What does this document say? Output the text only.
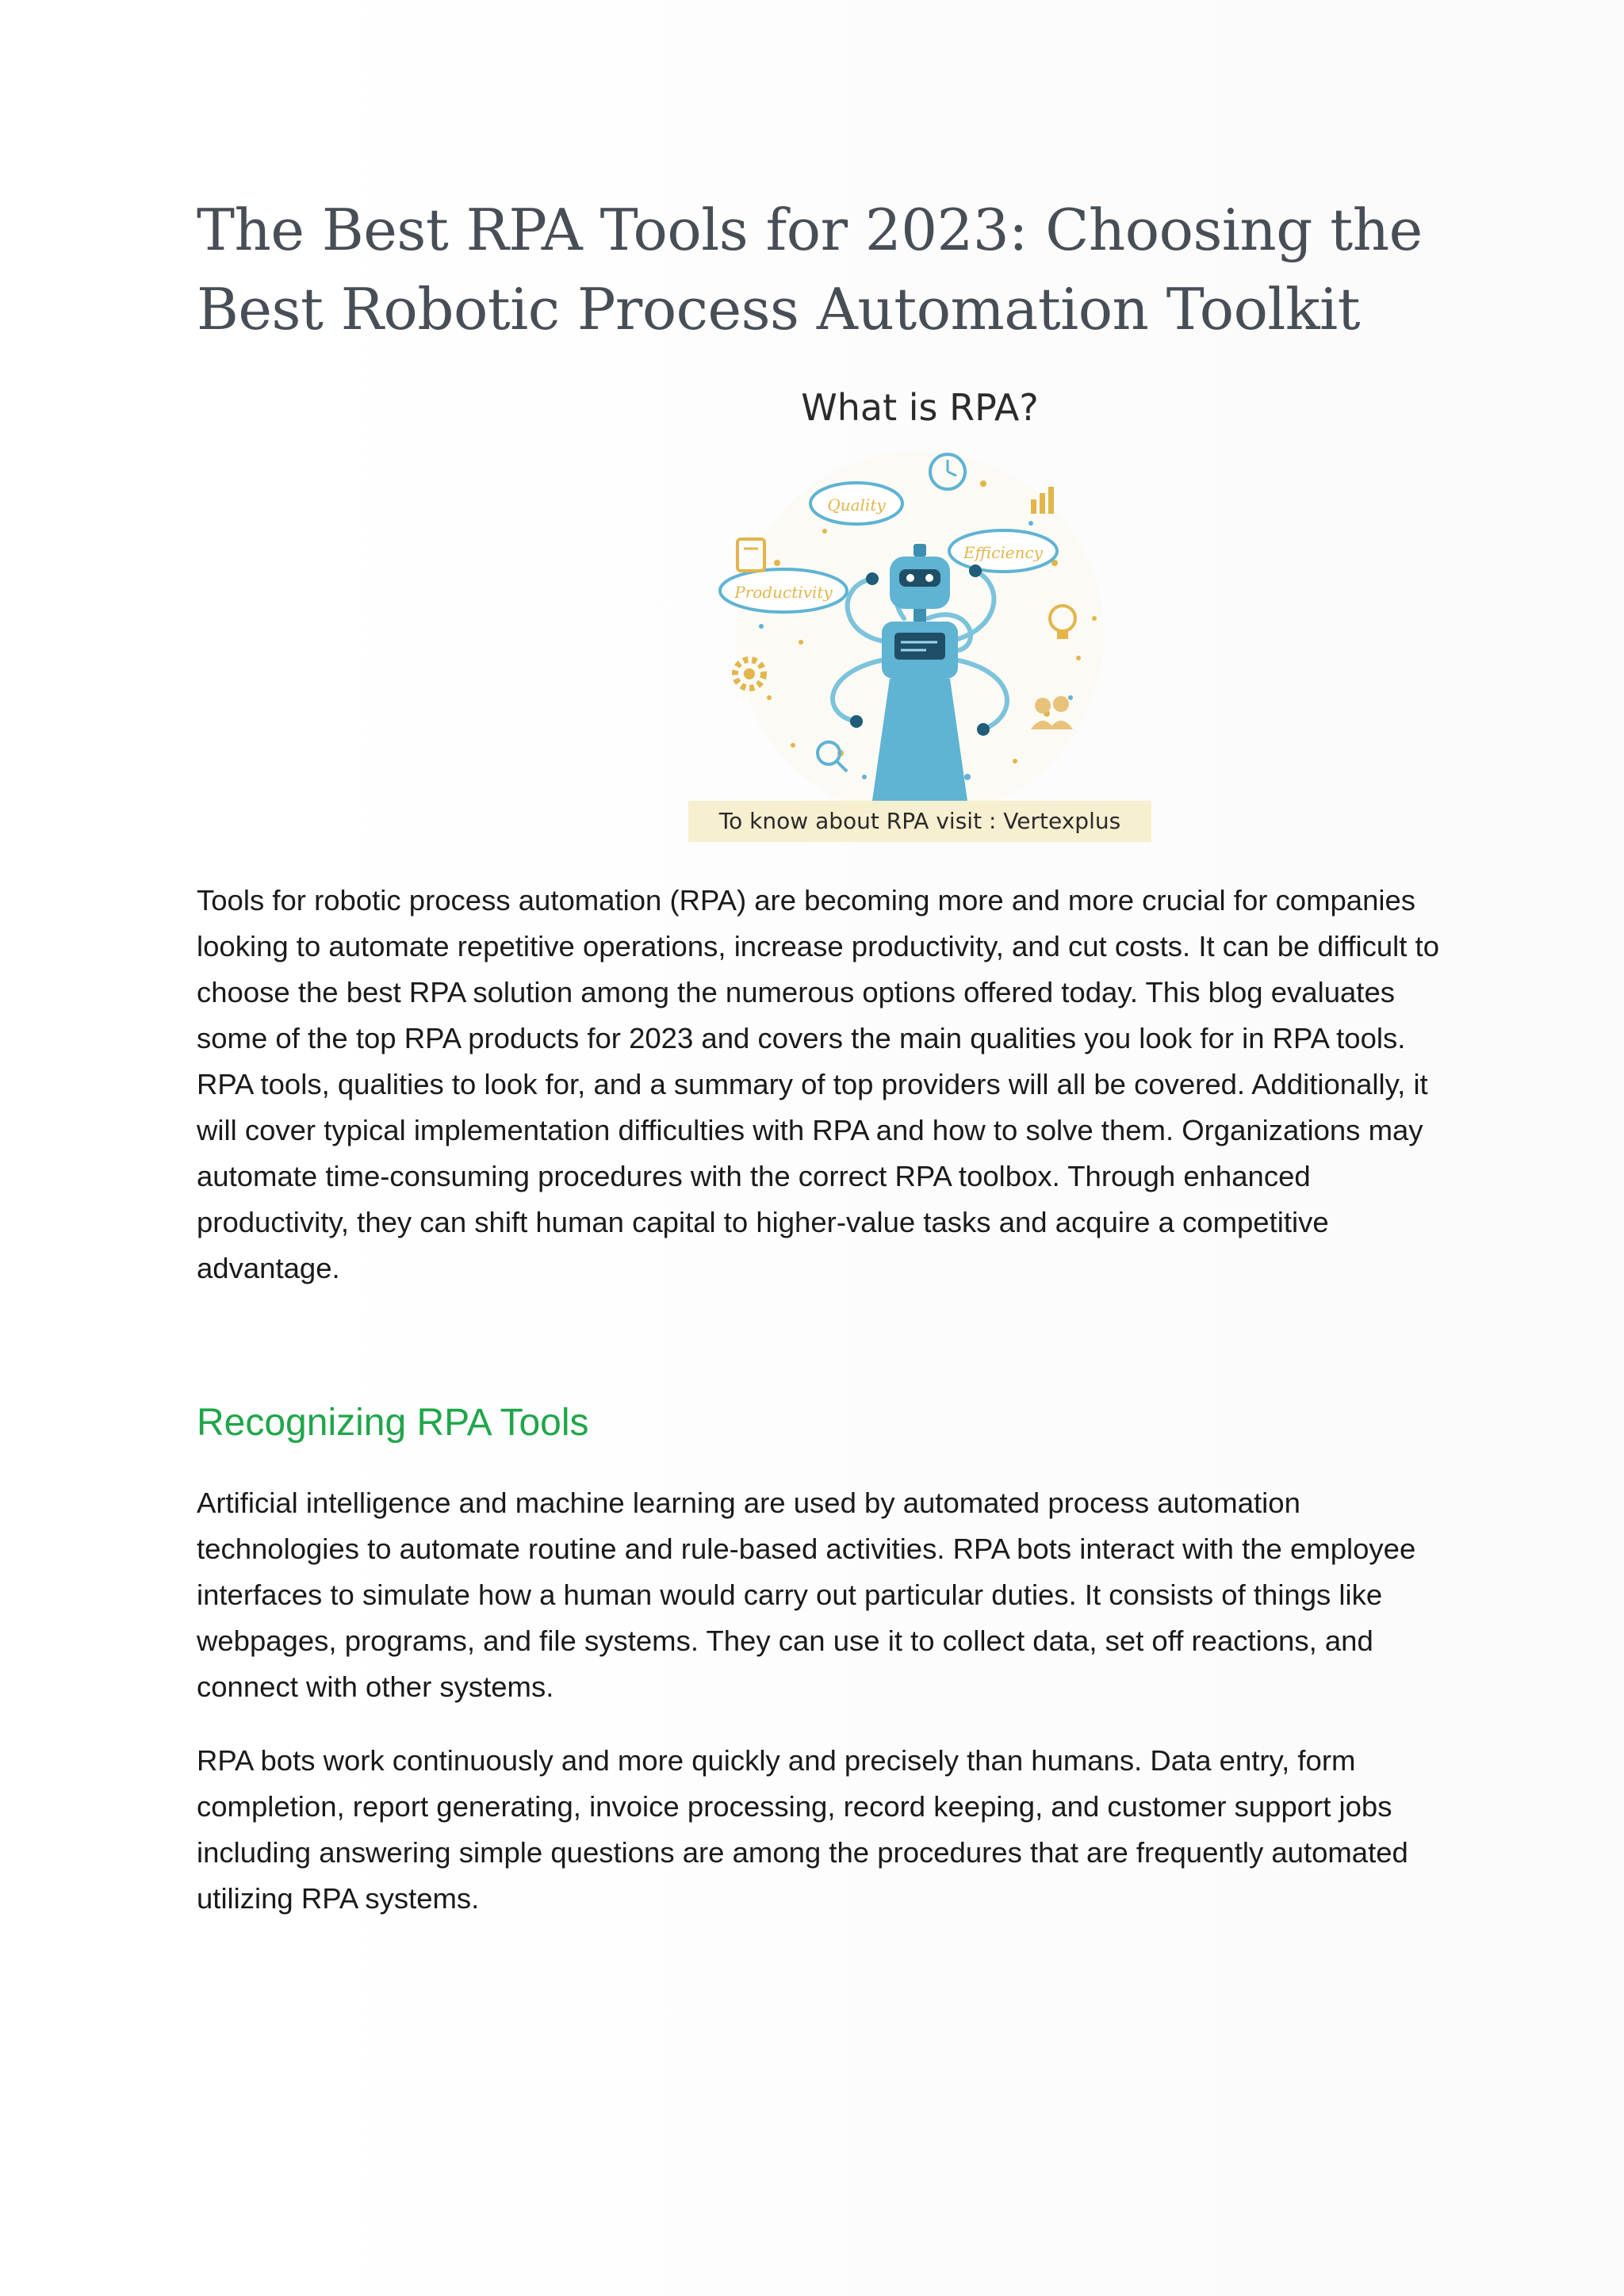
The Best RPA Tools for 2023: Choosing the Best Robotic Process Automation Toolkit
What is RPA?
Quality
Efficiency
Productivity
To know about RPA visit : Vertexplus

Tools for robotic process automation (RPA) are becoming more and more crucial for companies looking to automate repetitive operations, increase productivity, and cut costs. It can be difficult to choose the best RPA solution among the numerous options offered today. This blog evaluates some of the top RPA products for 2023 and covers the main qualities you look for in RPA tools. RPA tools, qualities to look for, and a summary of top providers will all be covered. Additionally, it will cover typical implementation difficulties with RPA and how to solve them. Organizations may automate time-consuming procedures with the correct RPA toolbox. Through enhanced productivity, they can shift human capital to higher-value tasks and acquire a competitive advantage.

Recognizing RPA Tools

Artificial intelligence and machine learning are used by automated process automation technologies to automate routine and rule-based activities. RPA bots interact with the employee interfaces to simulate how a human would carry out particular duties. It consists of things like webpages, programs, and file systems. They can use it to collect data, set off reactions, and connect with other systems.

RPA bots work continuously and more quickly and precisely than humans. Data entry, form completion, report generating, invoice processing, record keeping, and customer support jobs including answering simple questions are among the procedures that are frequently automated utilizing RPA systems.
